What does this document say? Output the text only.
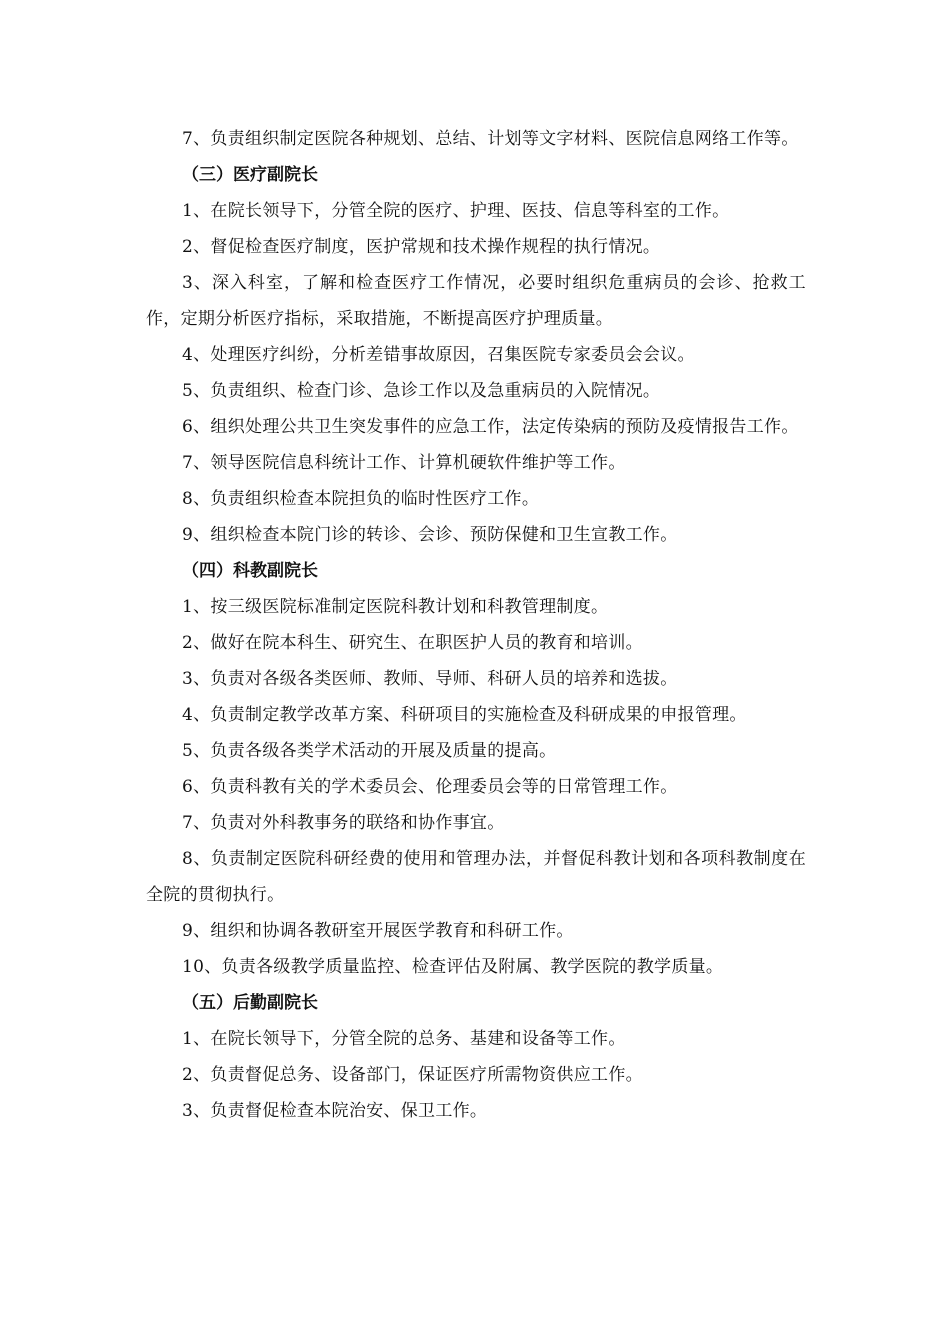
7、负责组织制定医院各种规划、总结、计划等文字材料、医院信息网络工作等。

（三）医疗副院长

1、在院长领导下，分管全院的医疗、护理、医技、信息等科室的工作。

2、督促检查医疗制度，医护常规和技术操作规程的执行情况。

3、深入科室，了解和检查医疗工作情况，必要时组织危重病员的会诊、抢救工作，定期分析医疗指标，采取措施，不断提高医疗护理质量。

4、处理医疗纠纷，分析差错事故原因，召集医院专家委员会会议。

5、负责组织、检查门诊、急诊工作以及急重病员的入院情况。

6、组织处理公共卫生突发事件的应急工作，法定传染病的预防及疫情报告工作。

7、领导医院信息科统计工作、计算机硬软件维护等工作。

8、负责组织检查本院担负的临时性医疗工作。

9、组织检查本院门诊的转诊、会诊、预防保健和卫生宣教工作。

（四）科教副院长

1、按三级医院标准制定医院科教计划和科教管理制度。

2、做好在院本科生、研究生、在职医护人员的教育和培训。

3、负责对各级各类医师、教师、导师、科研人员的培养和选拔。

4、负责制定教学改革方案、科研项目的实施检查及科研成果的申报管理。

5、负责各级各类学术活动的开展及质量的提高。

6、负责科教有关的学术委员会、伦理委员会等的日常管理工作。

7、负责对外科教事务的联络和协作事宜。

8、负责制定医院科研经费的使用和管理办法，并督促科教计划和各项科教制度在全院的贯彻执行。

9、组织和协调各教研室开展医学教育和科研工作。

10、负责各级教学质量监控、检查评估及附属、教学医院的教学质量。

（五）后勤副院长

1、在院长领导下，分管全院的总务、基建和设备等工作。

2、负责督促总务、设备部门，保证医疗所需物资供应工作。

3、负责督促检查本院治安、保卫工作。
